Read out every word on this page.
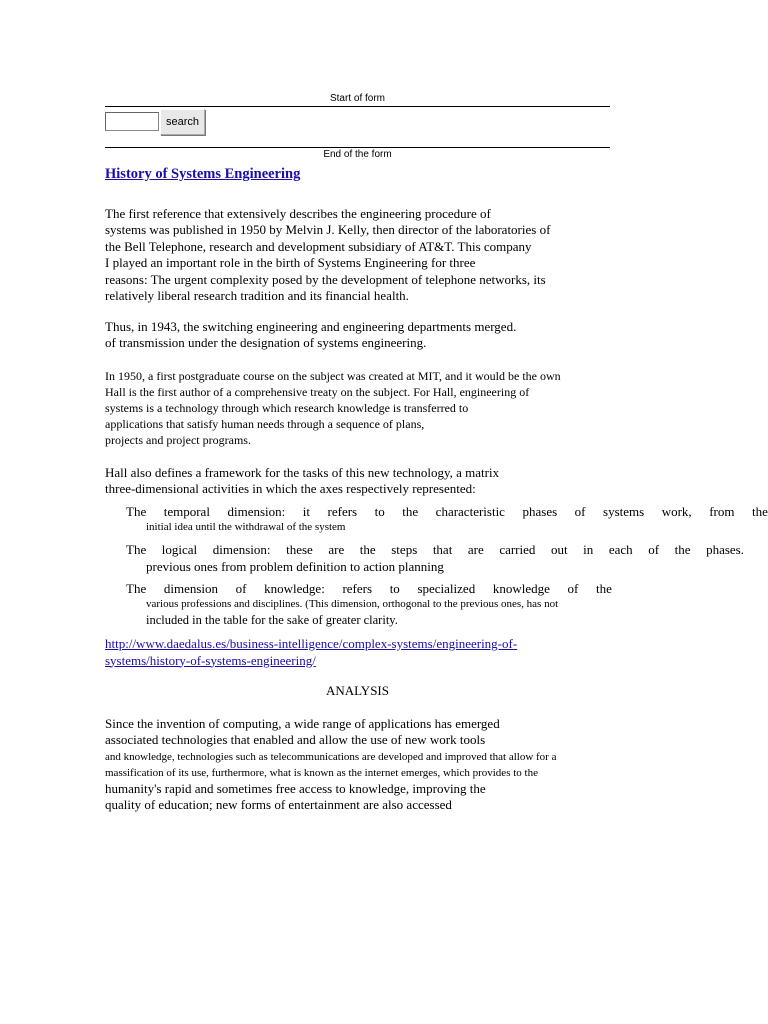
Start of form
search
End of the form
History of Systems Engineering

The first reference that extensively describes the engineering procedure of
systems was published in 1950 by Melvin J. Kelly, then director of the laboratories of
the Bell Telephone, research and development subsidiary of AT&T. This company
I played an important role in the birth of Systems Engineering for three
reasons: The urgent complexity posed by the development of telephone networks, its
relatively liberal research tradition and its financial health.

Thus, in 1943, the switching engineering and engineering departments merged.
of transmission under the designation of systems engineering.

In 1950, a first postgraduate course on the subject was created at MIT, and it would be the own
Hall is the first author of a comprehensive treaty on the subject. For Hall, engineering of
systems is a technology through which research knowledge is transferred to
applications that satisfy human needs through a sequence of plans,
projects and project programs.

Hall also defines a framework for the tasks of this new technology, a matrix
three-dimensional activities in which the axes respectively represented:

The temporal dimension: it refers to the characteristic phases of systems work, from the
initial idea until the withdrawal of the system
The logical dimension: these are the steps that are carried out in each of the phases.
previous ones from problem definition to action planning
The dimension of knowledge: refers to specialized knowledge of the
various professions and disciplines. (This dimension, orthogonal to the previous ones, has not
included in the table for the sake of greater clarity.
http://www.daedalus.es/business-intelligence/complex-systems/engineering-of-
systems/history-of-systems-engineering/
ANALYSIS

Since the invention of computing, a wide range of applications has emerged
associated technologies that enabled and allow the use of new work tools
and knowledge, technologies such as telecommunications are developed and improved that allow for a
massification of its use, furthermore, what is known as the internet emerges, which provides to the
humanity's rapid and sometimes free access to knowledge, improving the
quality of education; new forms of entertainment are also accessed
